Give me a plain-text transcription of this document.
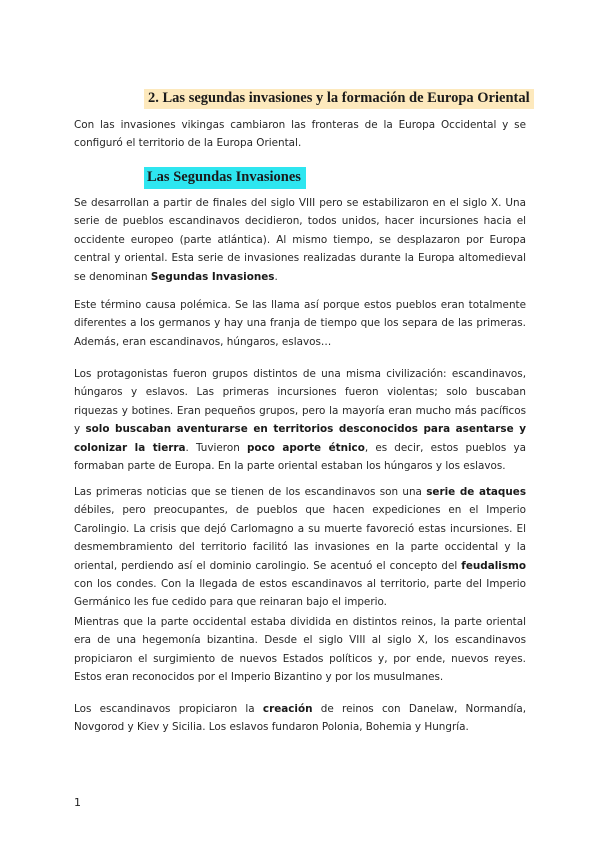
2. Las segundas invasiones y la formación de Europa Oriental

Con las invasiones vikingas cambiaron las fronteras de la Europa Occidental y se configuró el territorio de la Europa Oriental.

Las Segundas Invasiones

Se desarrollan a partir de finales del siglo VIII pero se estabilizaron en el siglo X. Una serie de pueblos escandinavos decidieron, todos unidos, hacer incursiones hacia el occidente europeo (parte atlántica). Al mismo tiempo, se desplazaron por Europa central y oriental. Esta serie de invasiones realizadas durante la Europa altomedieval se denominan Segundas Invasiones.

Este término causa polémica. Se las llama así porque estos pueblos eran totalmente diferentes a los germanos y hay una franja de tiempo que los separa de las primeras. Además, eran escandinavos, húngaros, eslavos…

Los protagonistas fueron grupos distintos de una misma civilización: escandinavos, húngaros y eslavos. Las primeras incursiones fueron violentas; solo buscaban riquezas y botines. Eran pequeños grupos, pero la mayoría eran mucho más pacíficos y solo buscaban aventurarse en territorios desconocidos para asentarse y colonizar la tierra. Tuvieron poco aporte étnico, es decir, estos pueblos ya formaban parte de Europa. En la parte oriental estaban los húngaros y los eslavos.

Las primeras noticias que se tienen de los escandinavos son una serie de ataques débiles, pero preocupantes, de pueblos que hacen expediciones en el Imperio Carolingio. La crisis que dejó Carlomagno a su muerte favoreció estas incursiones. El desmembramiento del territorio facilitó las invasiones en la parte occidental y la oriental, perdiendo así el dominio carolingio. Se acentuó el concepto del feudalismo con los condes. Con la llegada de estos escandinavos al territorio, parte del Imperio Germánico les fue cedido para que reinaran bajo el imperio.

Mientras que la parte occidental estaba dividida en distintos reinos, la parte oriental era de una hegemonía bizantina. Desde el siglo VIII al siglo X, los escandinavos propiciaron el surgimiento de nuevos Estados políticos y, por ende, nuevos reyes. Estos eran reconocidos por el Imperio Bizantino y por los musulmanes.

Los escandinavos propiciaron la creación de reinos con Danelaw, Normandía, Novgorod y Kiev y Sicilia. Los eslavos fundaron Polonia, Bohemia y Hungría.

1
